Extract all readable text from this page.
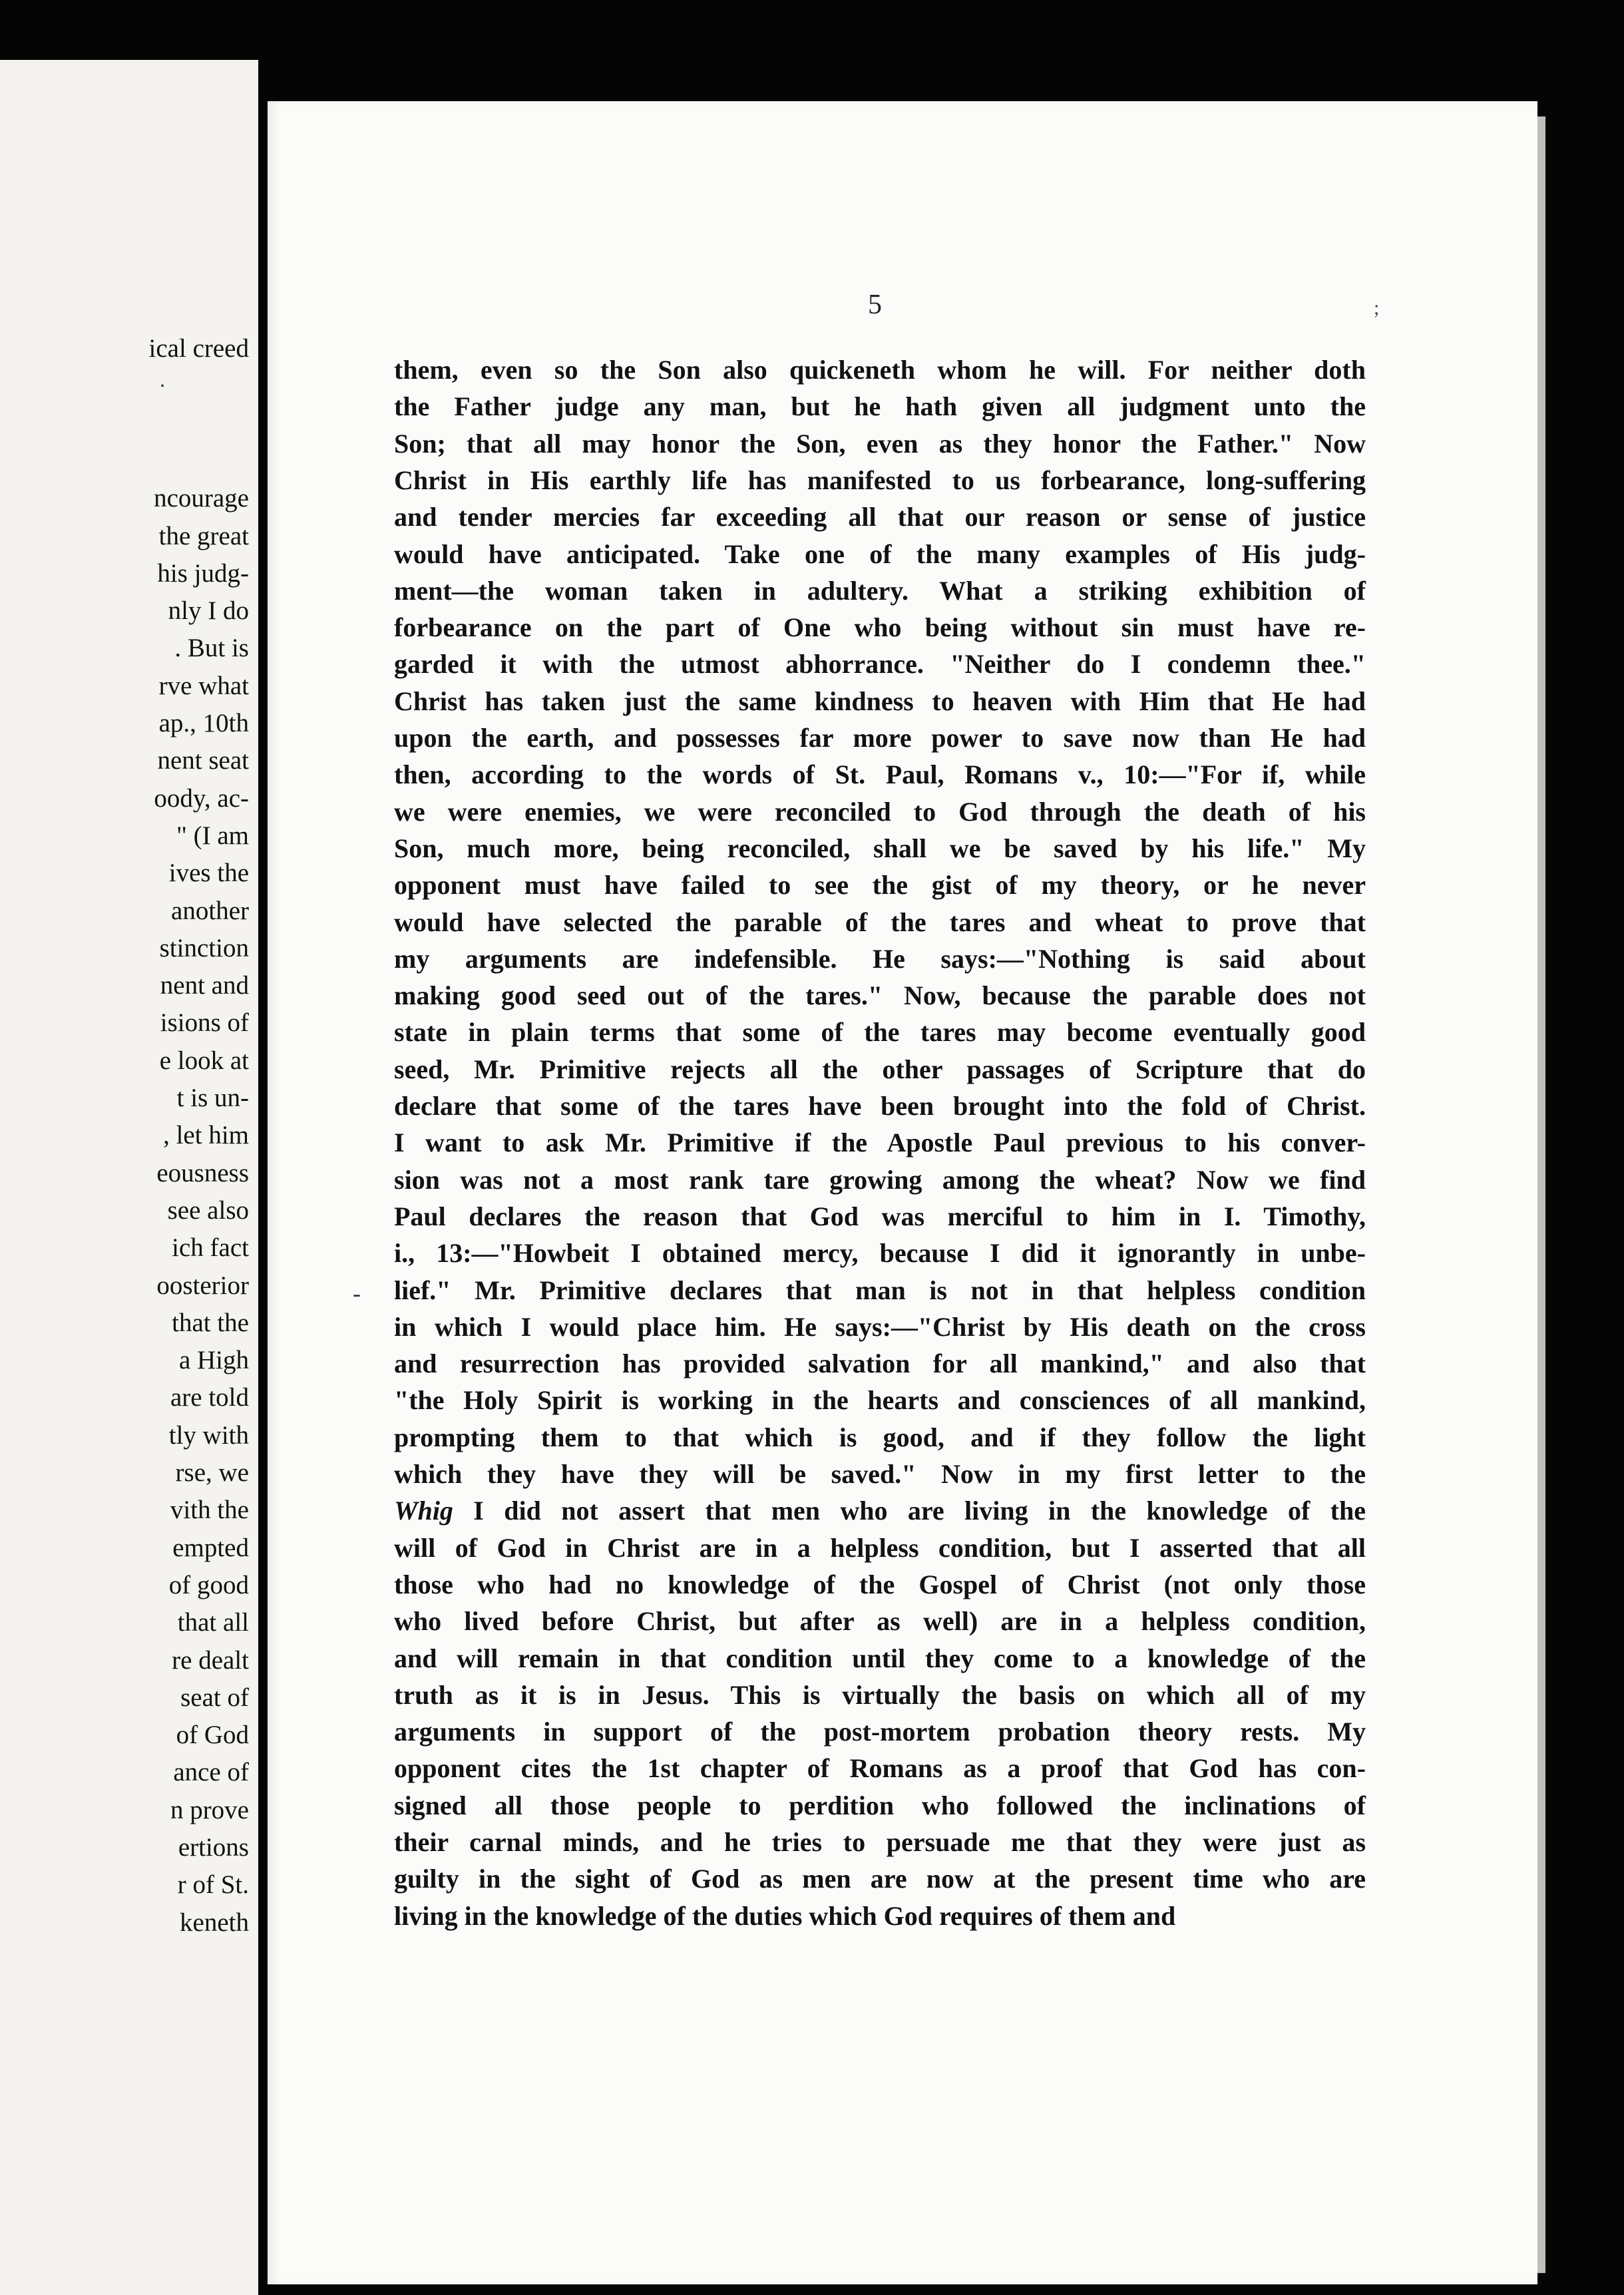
ical creed
ncourage
the great
his judg-
nly I do
. But is
rve what
ap., 10th
nent seat
oody, ac-
" (I am
ives the
another
stinction
nent and
isions of
e look at
t is un-
, let him
eousness
see also
ich fact
oosterior
that the
a High
are told
tly with
rse, we
vith the
empted
of good
that all
re dealt
seat of
of God
ance of
n prove
ertions
r of St.
keneth
.
5	;
-
them, even so the Son also quickeneth whom he will. For neither doth
the Father judge any man, but he hath given all judgment unto the
Son; that all may honor the Son, even as they honor the Father." Now
Christ in His earthly life has manifested to us forbearance, long-suffering
and tender mercies far exceeding all that our reason or sense of justice
would have anticipated. Take one of the many examples of His judg-
ment—the woman taken in adultery. What a striking exhibition of
forbearance on the part of One who being without sin must have re-
garded it with the utmost abhorrance. "Neither do I condemn thee."
Christ has taken just the same kindness to heaven with Him that He had
upon the earth, and possesses far more power to save now than He had
then, according to the words of St. Paul, Romans v., 10:—"For if, while
we were enemies, we were reconciled to God through the death of his
Son, much more, being reconciled, shall we be saved by his life." My
opponent must have failed to see the gist of my theory, or he never
would have selected the parable of the tares and wheat to prove that
my arguments are indefensible. He says:—"Nothing is said about
making good seed out of the tares." Now, because the parable does not
state in plain terms that some of the tares may become eventually good
seed, Mr. Primitive rejects all the other passages of Scripture that do
declare that some of the tares have been brought into the fold of Christ.
I want to ask Mr. Primitive if the Apostle Paul previous to his conver-
sion was not a most rank tare growing among the wheat? Now we find
Paul declares the reason that God was merciful to him in I. Timothy,
i., 13:—"Howbeit I obtained mercy, because I did it ignorantly in unbe-
lief." Mr. Primitive declares that man is not in that helpless condition
in which I would place him. He says:—"Christ by His death on the cross
and resurrection has provided salvation for all mankind," and also that
"the Holy Spirit is working in the hearts and consciences of all mankind,
prompting them to that which is good, and if they follow the light
which they have they will be saved." Now in my first letter to the
Whig I did not assert that men who are living in the knowledge of the
will of God in Christ are in a helpless condition, but I asserted that all
those who had no knowledge of the Gospel of Christ (not only those
who lived before Christ, but after as well) are in a helpless condition,
and will remain in that condition until they come to a knowledge of the
truth as it is in Jesus. This is virtually the basis on which all of my
arguments in support of the post-mortem probation theory rests. My
opponent cites the 1st chapter of Romans as a proof that God has con-
signed all those people to perdition who followed the inclinations of
their carnal minds, and he tries to persuade me that they were just as
guilty in the sight of God as men are now at the present time who are
living in the knowledge of the duties which God requires of them and
